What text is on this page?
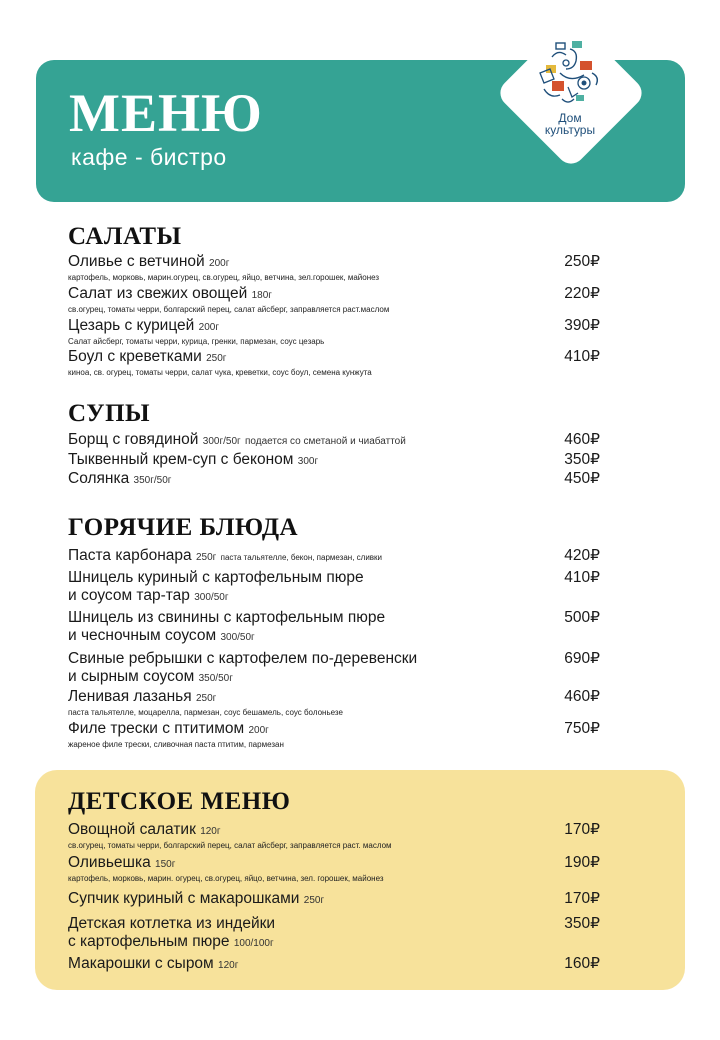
МЕНЮ
кафе - бистро
Дом
культуры
САЛАТЫ
Оливье с ветчиной 200г
картофель, морковь, марин.огурец, св.огурец, яйцо, ветчина, зел.горошек, майонез
250₽
Салат из свежих овощей 180г
св.огурец, томаты черри, болгарский перец, салат айсберг, заправляется раст.маслом
220₽
Цезарь с курицей 200г
Салат айсберг, томаты черри, курица, гренки, пармезан, соус цезарь
390₽
Боул с креветками 250г
киноа, св. огурец, томаты черри, салат чука, креветки, соус боул, семена кунжута
410₽
СУПЫ
Борщ с говядиной 300г/50г подается со сметаной и чиабаттой	460₽
Тыквенный крем-суп с беконом 300г	350₽
Солянка 350г/50г	450₽
ГОРЯЧИЕ БЛЮДА
Паста карбонара 250г паста тальятелле, бекон, пармезан, сливки	420₽
Шницель куриный с картофельным пюре
и соусом тар-тар 300/50г
410₽
Шницель из свинины с картофельным пюре
и чесночным соусом 300/50г
500₽
Свиные ребрышки с картофелем по-деревенски
и сырным соусом 350/50г
690₽
Ленивая лазанья 250г
паста тальятелле, моцарелла, пармезан, соус бешамель, соус болоньезе
460₽
Филе трески с птитимом 200г
жареное филе трески, сливочная паста птитим, пармезан
750₽
ДЕТСКОЕ МЕНЮ
Овощной салатик 120г
св.огурец, томаты черри, болгарский перец, салат айсберг, заправляется раст. маслом
170₽
Оливьешка 150г
картофель, морковь, марин. огурец, св.огурец, яйцо, ветчина, зел. горошек, майонез
190₽
Супчик куриный с макарошками 250г	170₽
Детская котлетка из индейки
с картофельным пюре 100/100г
350₽
Макарошки с сыром 120г	160₽
